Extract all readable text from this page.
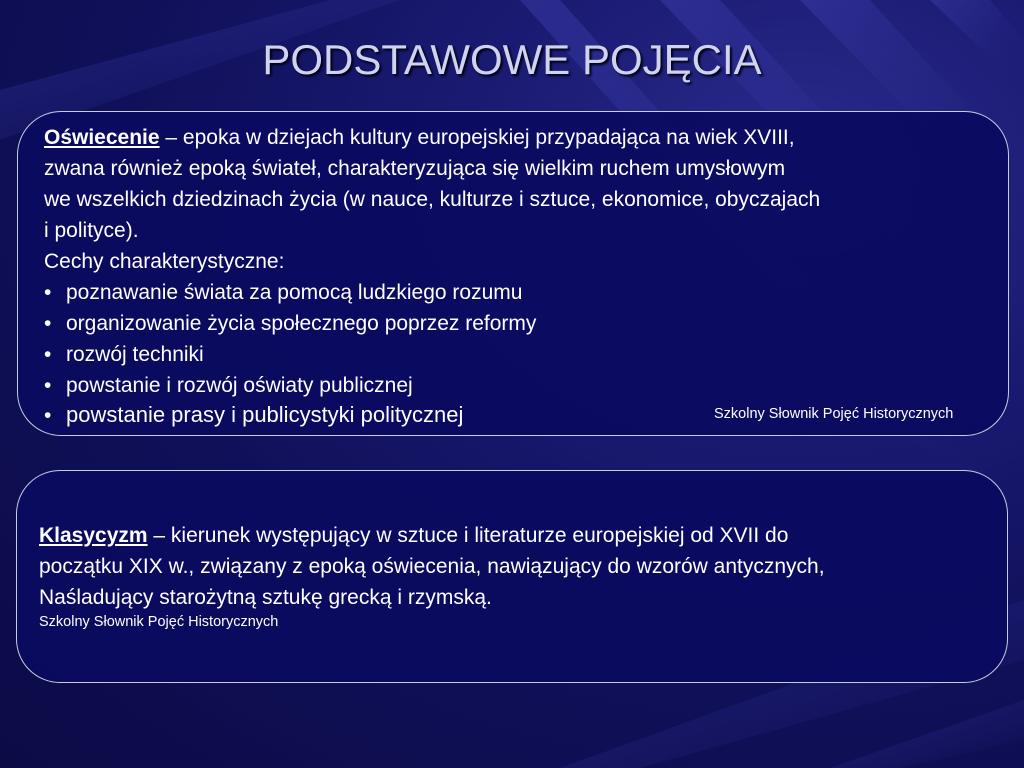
PODSTAWOWE POJĘCIA
Oświecenie – epoka w dziejach kultury europejskiej przypadająca na wiek XVIII,
zwana również epoką świateł, charakteryzująca się wielkim ruchem umysłowym
we wszelkich dziedzinach życia (w nauce, kulturze i sztuce, ekonomice, obyczajach
i polityce).
Cechy charakterystyczne:
• poznawanie świata za pomocą ludzkiego rozumu
• organizowanie życia społecznego poprzez reformy
• rozwój techniki
• powstanie i rozwój oświaty publicznej
• powstanie prasy i publicystyki politycznej	Szkolny Słownik Pojęć Historycznych
Klasycyzm – kierunek występujący w sztuce i literaturze europejskiej od XVII do
początku XIX w., związany z epoką oświecenia, nawiązujący do wzorów antycznych,
Naśladujący starożytną sztukę grecką i rzymską.
Szkolny Słownik Pojęć Historycznych
